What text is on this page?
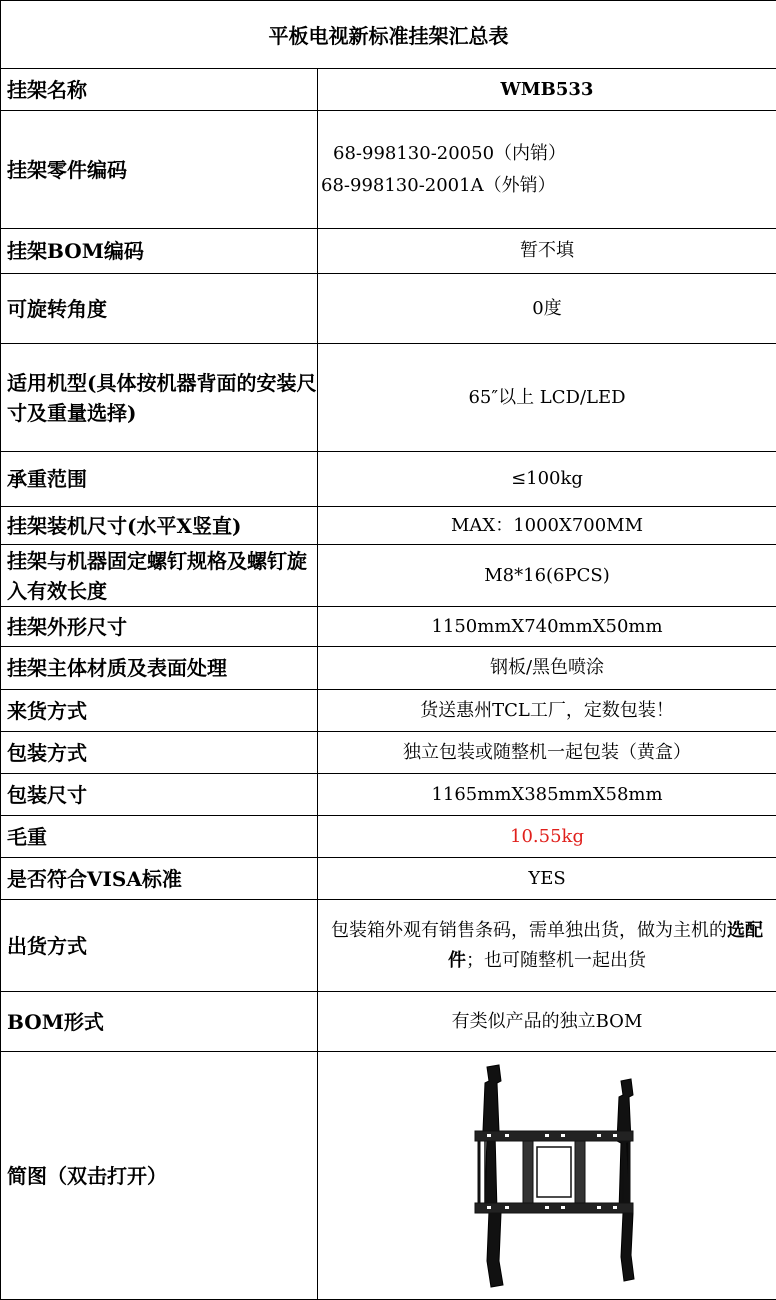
平板电视新标准挂架汇总表	
挂架名称	WMB533
挂架零件编码	68-998130-20050（内销）
68-998130-2001A（外销）

挂架BOM编码	暂不填
可旋转角度	0度
适用机型(具体按机器背面的安装尺寸及重量选择)	65″以上 LCD/LED
承重范围	≤100kg
挂架装机尺寸(水平X竖直)	MAX：1000X700MM
挂架与机器固定螺钉规格及螺钉旋入有效长度	M8*16(6PCS)
挂架外形尺寸	1150mmX740mmX50mm
挂架主体材质及表面处理	钢板/黑色喷涂
来货方式	货送惠州TCL工厂，定数包装！
包装方式	独立包装或随整机一起包装（黄盒）
包装尺寸	1165mmX385mmX58mm
毛重	10.55kg
是否符合VISA标准	YES
出货方式	包装箱外观有销售条码，需单独出货，做为主机的选配件；也可随整机一起出货
BOM形式	有类似产品的独立BOM
简图（双击打开）	
